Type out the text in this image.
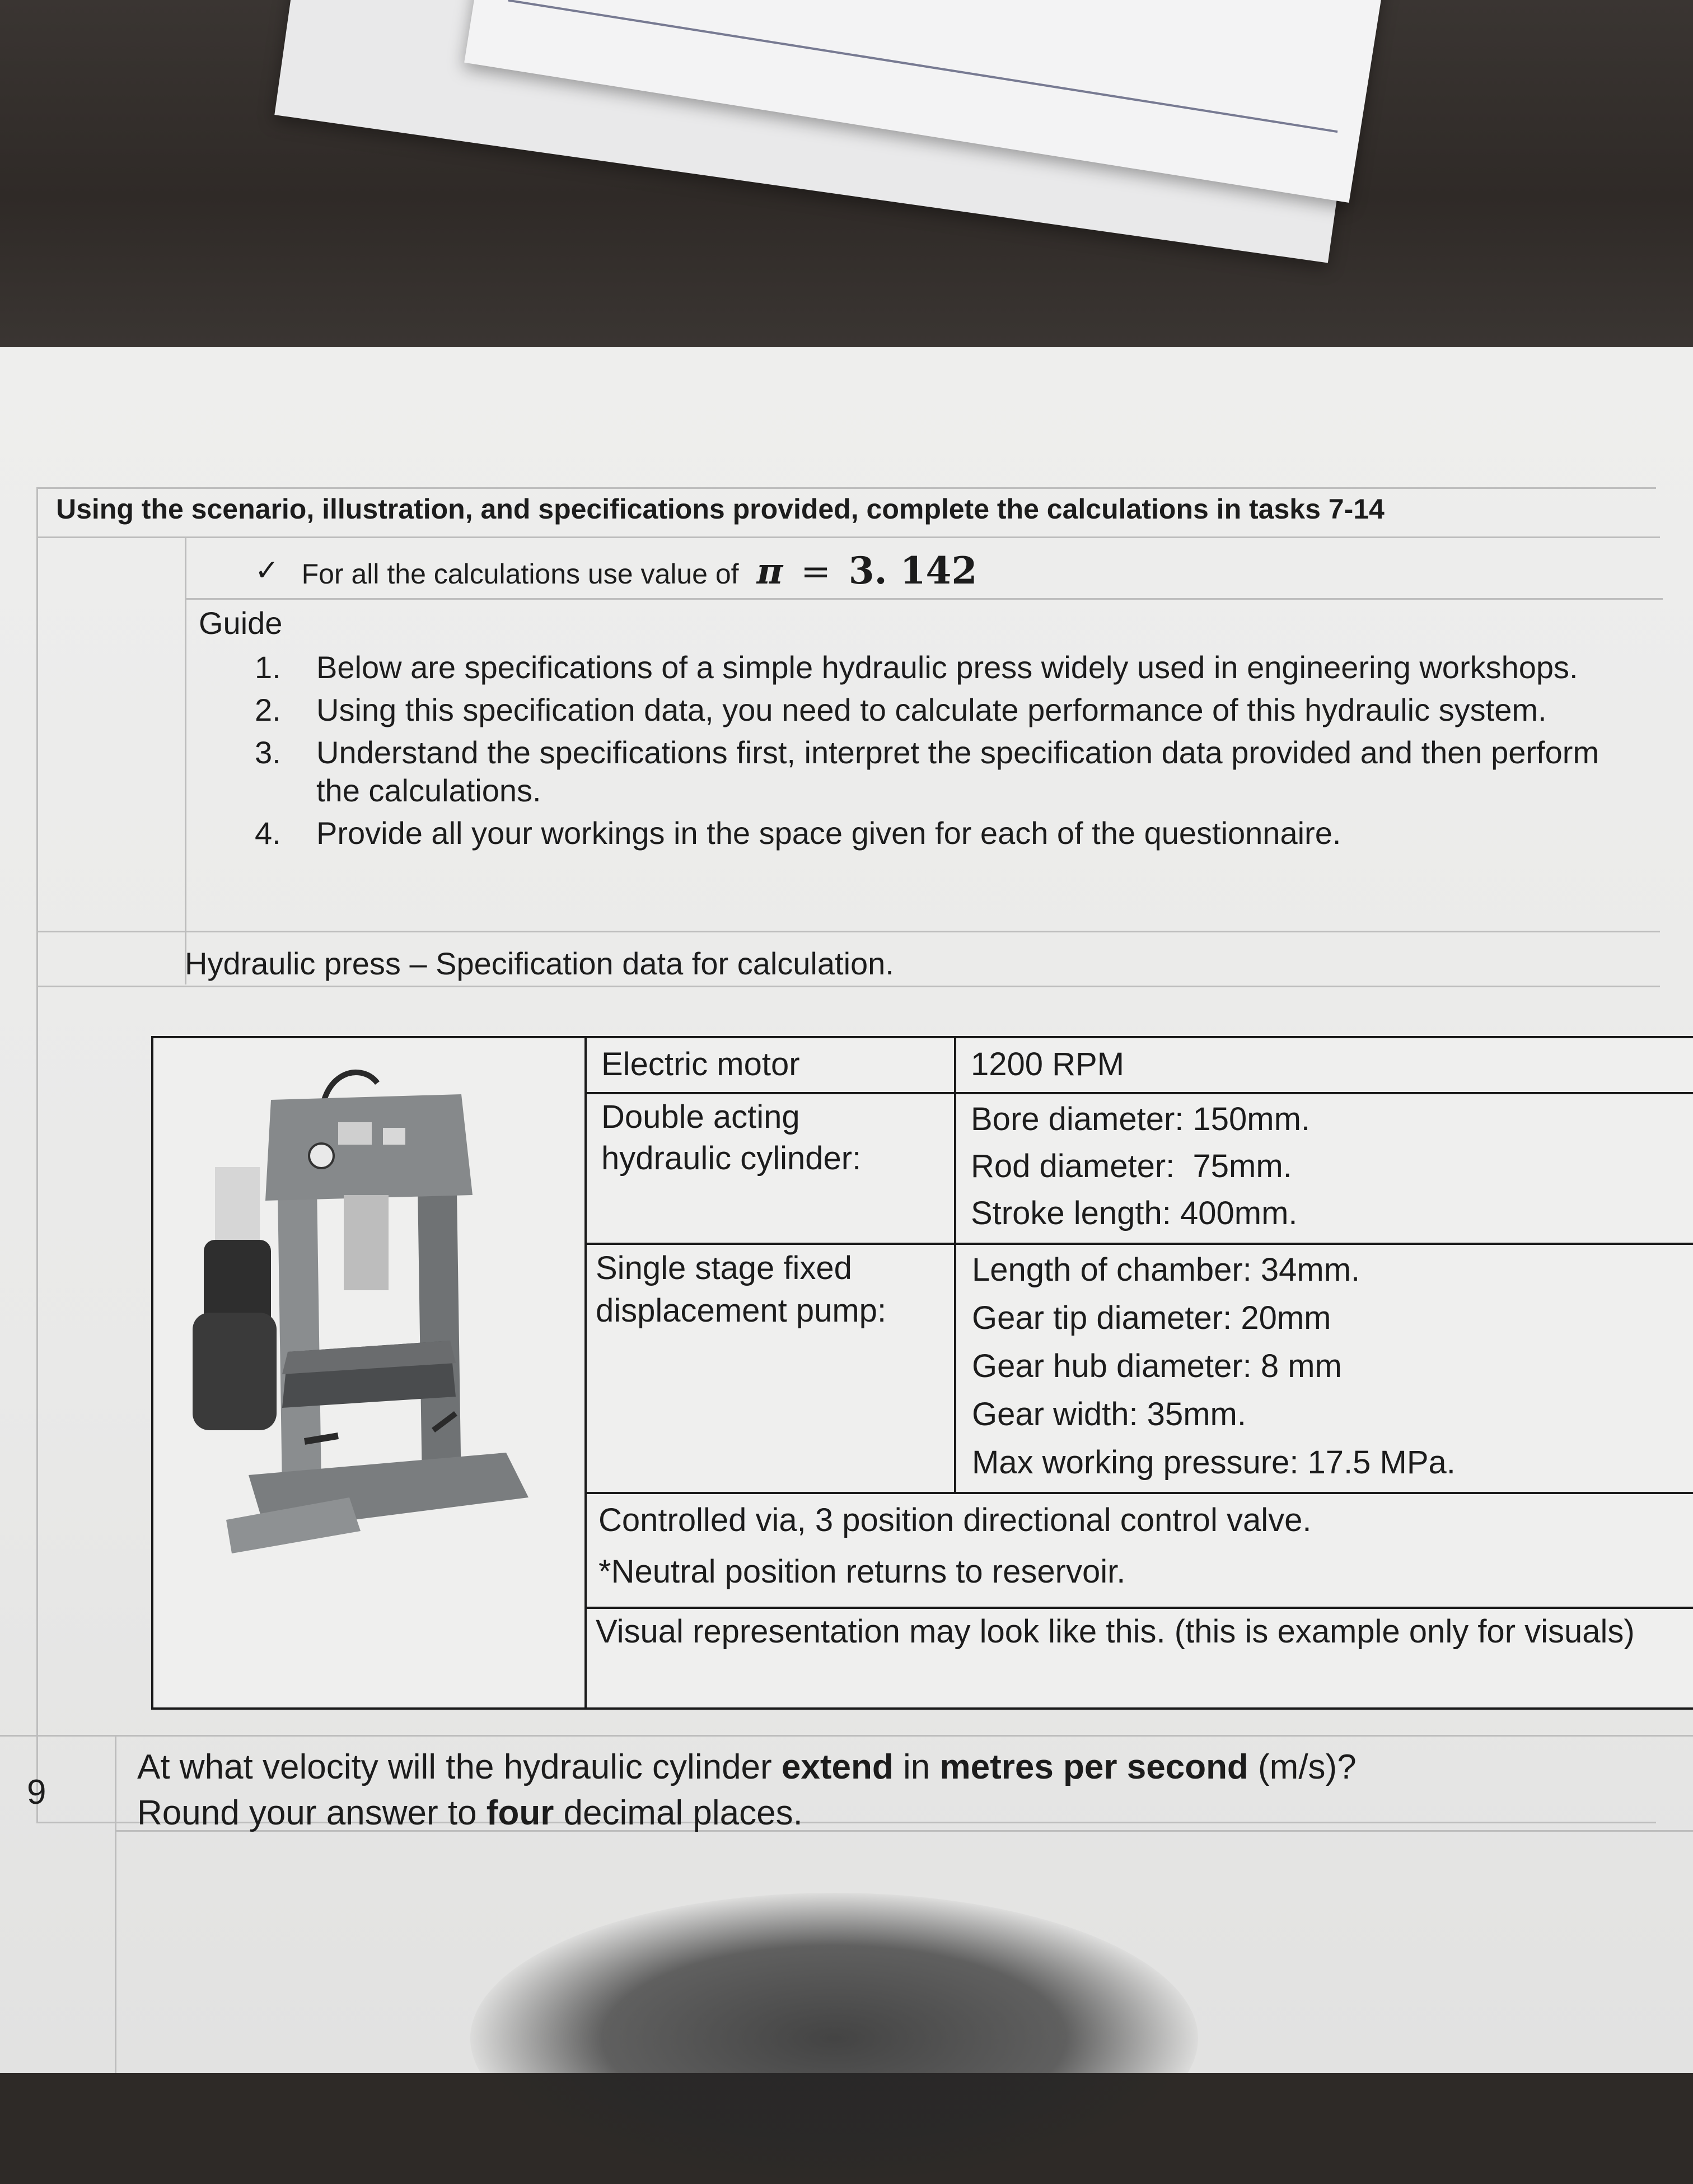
Using the scenario, illustration, and specifications provided, complete the calculations in tasks 7-14
✓ For all the calculations use value of π = 3. 142
Guide
1.	Below are specifications of a simple hydraulic press widely used in engineering workshops.
2.	Using this specification data, you need to calculate performance of this hydraulic system.
3.	Understand the specifications first, interpret the specification data provided and then perform the calculations.
4.	Provide all your workings in the space given for each of the questionnaire.
Hydraulic press – Specification data for calculation.
Electric motor	1200 RPM
Double acting hydraulic cylinder:
Bore diameter: 150mm.
Rod diameter:  75mm.
Stroke length: 400mm.
Single stage fixed displacement pump:
Length of chamber: 34mm.
Gear tip diameter: 20mm
Gear hub diameter: 8 mm
Gear width: 35mm.
Max working pressure: 17.5 MPa.
Controlled via, 3 position directional control valve.
*Neutral position returns to reservoir.
Visual representation may look like this. (this is example only for visuals)
9
At what velocity will the hydraulic cylinder extend in metres per second (m/s)?
Round your answer to four decimal places.
